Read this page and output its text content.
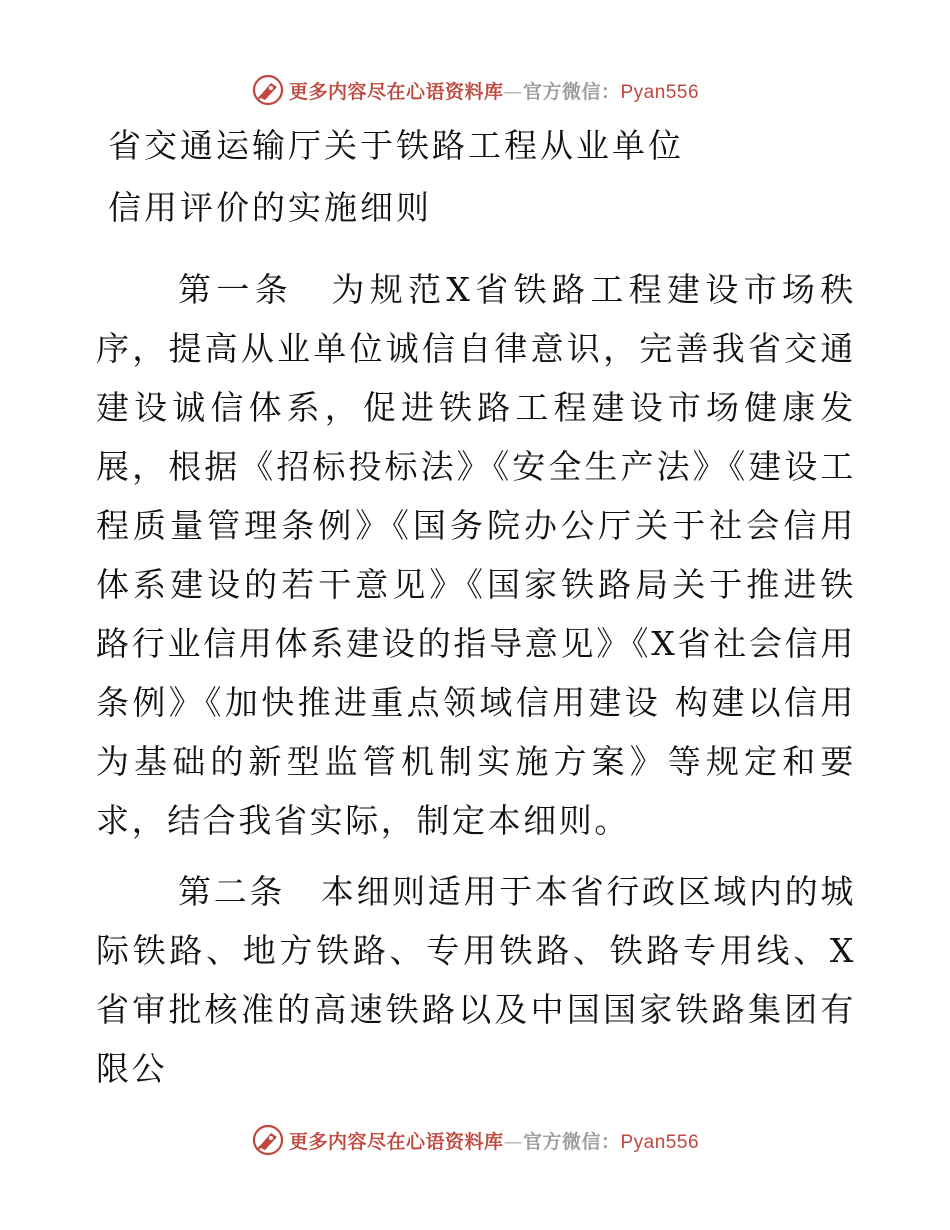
更多内容尽在心语资料库—官方微信：Pyan556
省交通运输厅关于铁路工程从业单位
信用评价的实施细则

第一条　为规范X省铁路工程建设市场秩序，提高从业单位诚信自律意识，完善我省交通建设诚信体系，促进铁路工程建设市场健康发展，根据《招标投标法》《安全生产法》《建设工程质量管理条例》《国务院办公厅关于社会信用体系建设的若干意见》《国家铁路局关于推进铁路行业信用体系建设的指导意见》《X省社会信用条例》《加快推进重点领域信用建设 构建以信用为基础的新型监管机制实施方案》等规定和要求，结合我省实际，制定本细则。

第二条　本细则适用于本省行政区域内的城际铁路、地方铁路、专用铁路、铁路专用线、X省审批核准的高速铁路以及中国国家铁路集团有限公

更多内容尽在心语资料库—官方微信：Pyan556
